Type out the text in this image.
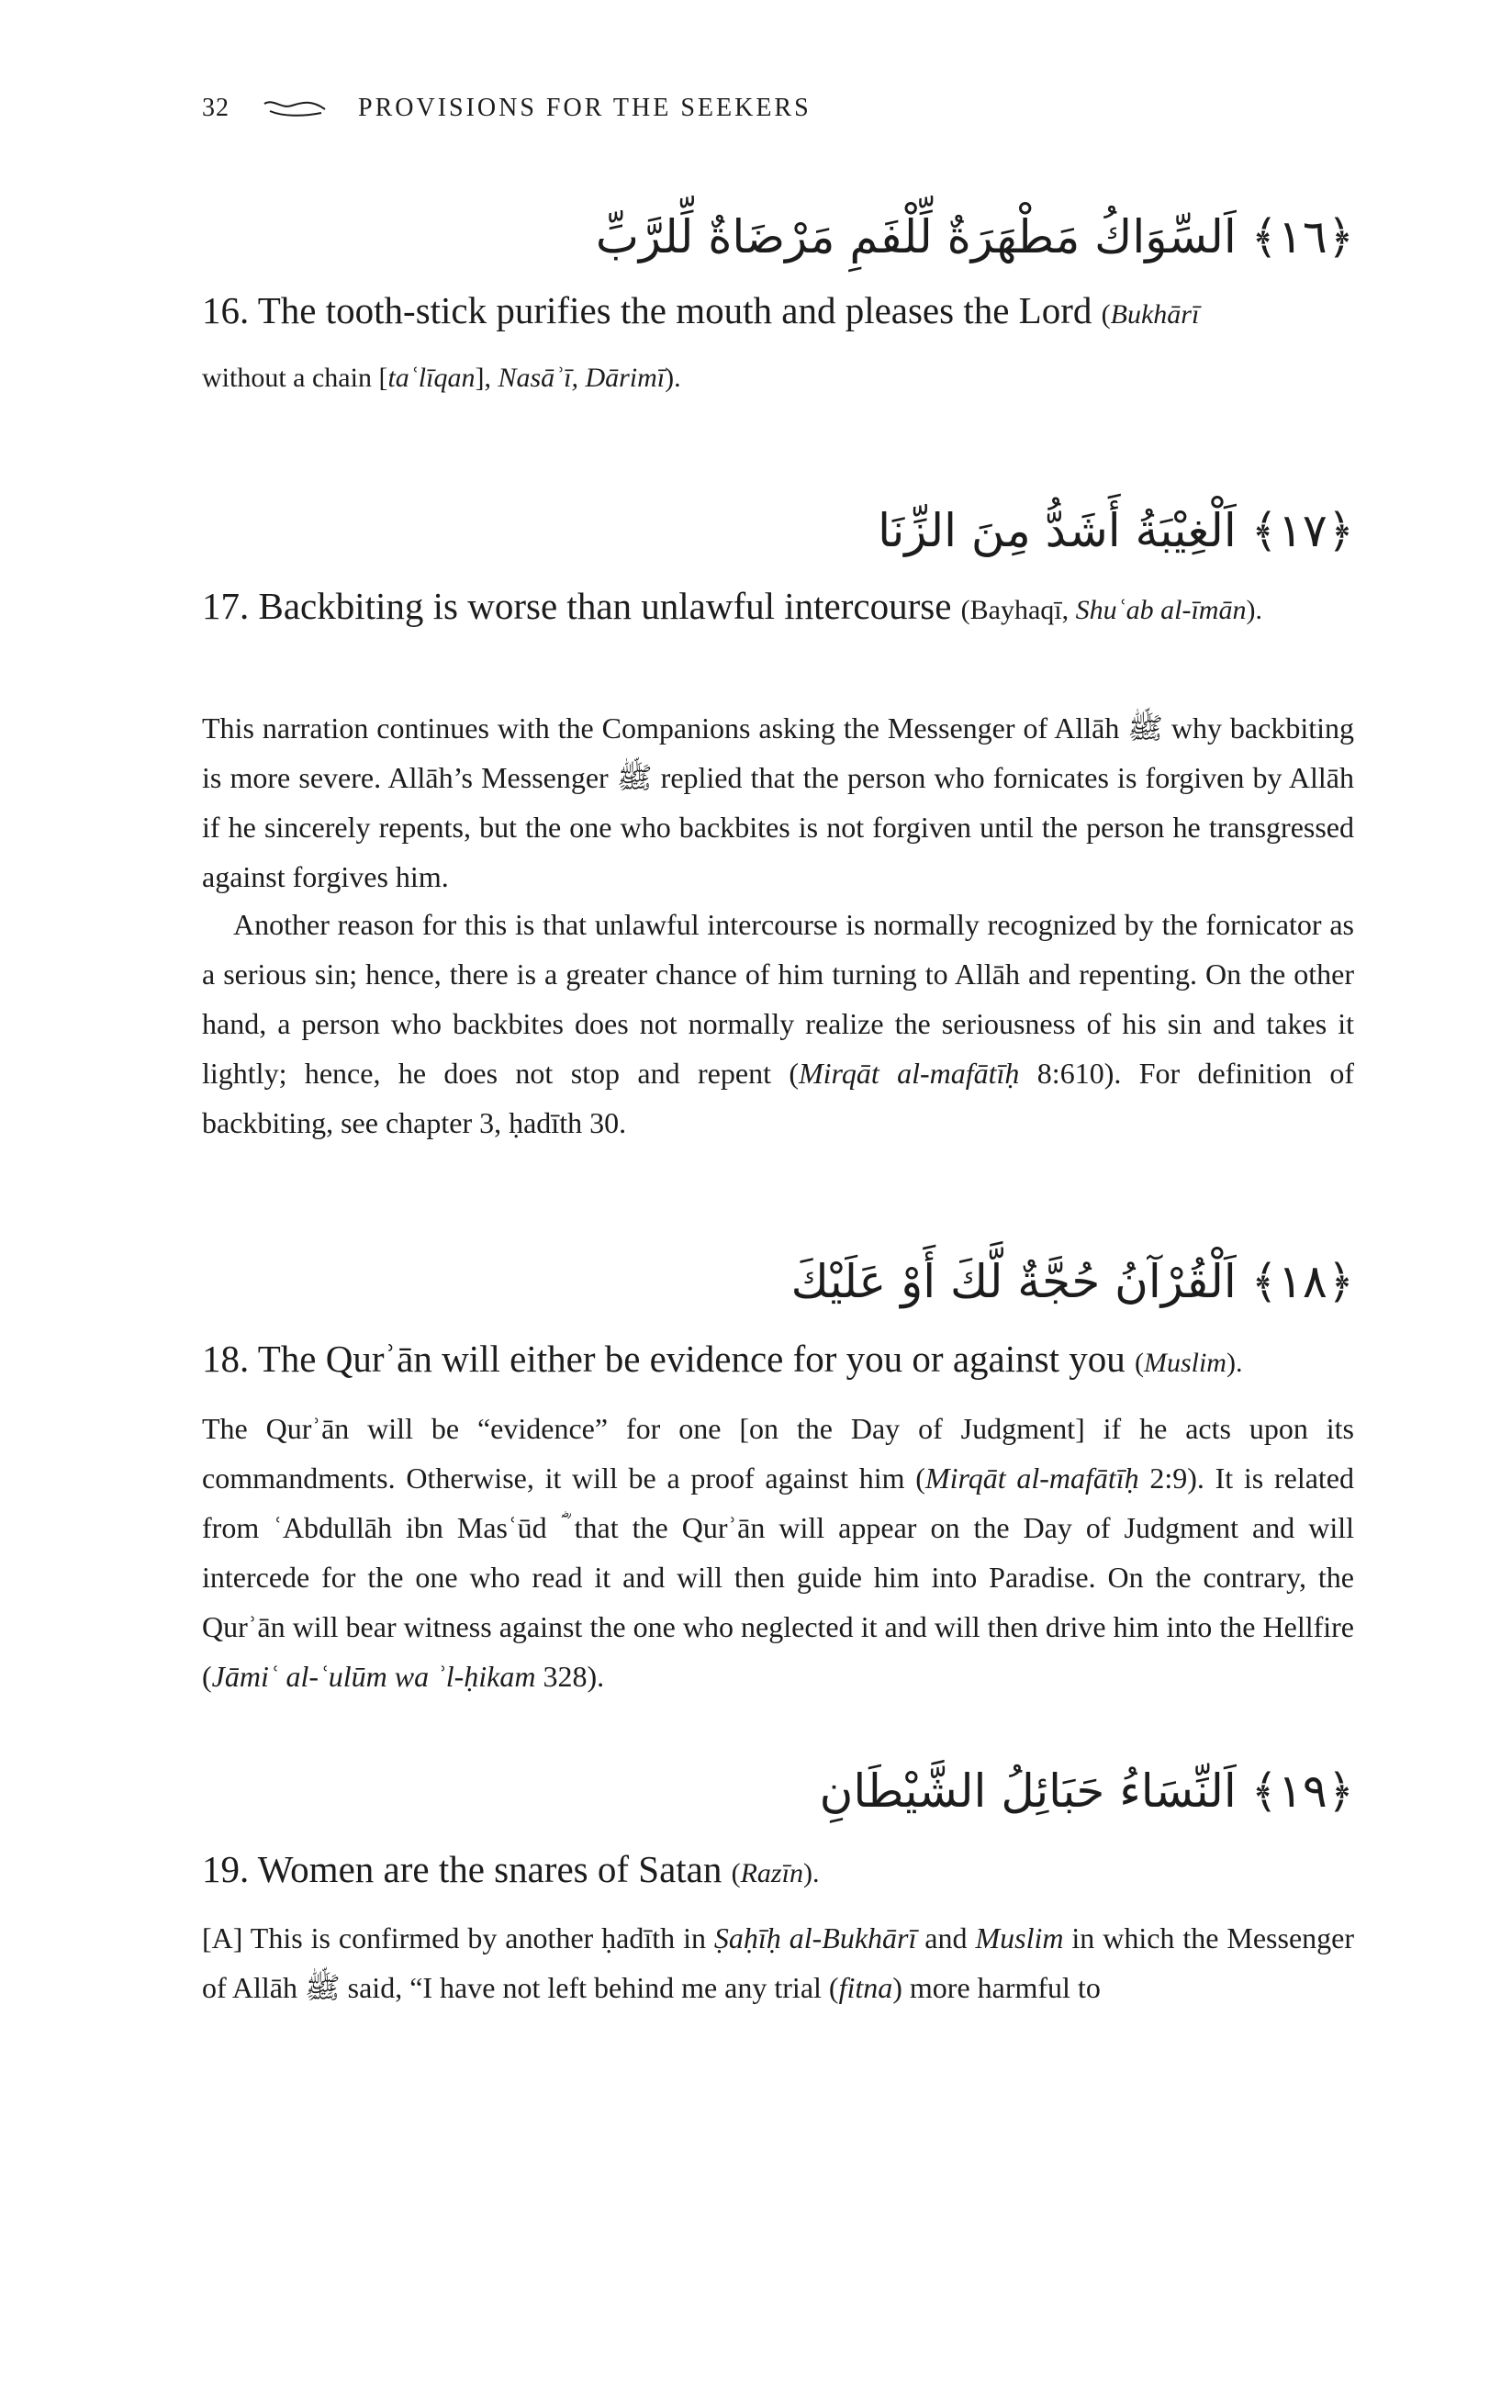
32	PROVISIONS FOR THE SEEKERS
﴿١٦﴾ اَلسِّوَاكُ مَطْهَرَةٌ لِّلْفَمِ مَرْضَاةٌ لِّلرَّبِّ
16. The tooth-stick purifies the mouth and pleases the Lord (Bukhārī
without a chain [taʿlīqan], Nasāʾī, Dārimī).
﴿١٧﴾ اَلْغِيْبَةُ أَشَدُّ مِنَ الزِّنَا
17. Backbiting is worse than unlawful intercourse (Bayhaqī, Shuʿab al-īmān).

This narration continues with the Companions asking the Messenger of Allāh ﷺ why backbiting is more severe. Allāh’s Messenger ﷺ replied that the person who fornicates is forgiven by Allāh if he sincerely repents, but the one who backbites is not forgiven until the person he transgressed against forgives him.

Another reason for this is that unlawful intercourse is normally recognized by the fornicator as a serious sin; hence, there is a greater chance of him turning to Allāh and repenting. On the other hand, a person who backbites does not normally realize the seriousness of his sin and takes it lightly; hence, he does not stop and repent (Mirqāt al-mafātīḥ 8:610). For definition of backbiting, see chapter 3, ḥadīth 30.

﴿١٨﴾ اَلْقُرْآنُ حُجَّةٌ لَّكَ أَوْ عَلَيْكَ
18. The Qurʾān will either be evidence for you or against you (Muslim).

The Qurʾān will be “evidence” for one [on the Day of Judgment] if he acts upon its commandments. Otherwise, it will be a proof against him (Mirqāt al-mafātīḥ 2:9). It is related from ʿAbdullāh ibn Masʿūd ؓ that the Qurʾān will appear on the Day of Judgment and will intercede for the one who read it and will then guide him into Paradise. On the contrary, the Qurʾān will bear witness against the one who neglected it and will then drive him into the Hellfire (Jāmiʿ al-ʿulūm wa ʾl-ḥikam 328).

﴿١٩﴾ اَلنِّسَاءُ حَبَائِلُ الشَّيْطَانِ
19. Women are the snares of Satan (Razīn).

[A] This is confirmed by another ḥadīth in Ṣaḥīḥ al-Bukhārī and Muslim in which the Messenger of Allāh ﷺ said, “I have not left behind me any trial (fitna) more harmful to
